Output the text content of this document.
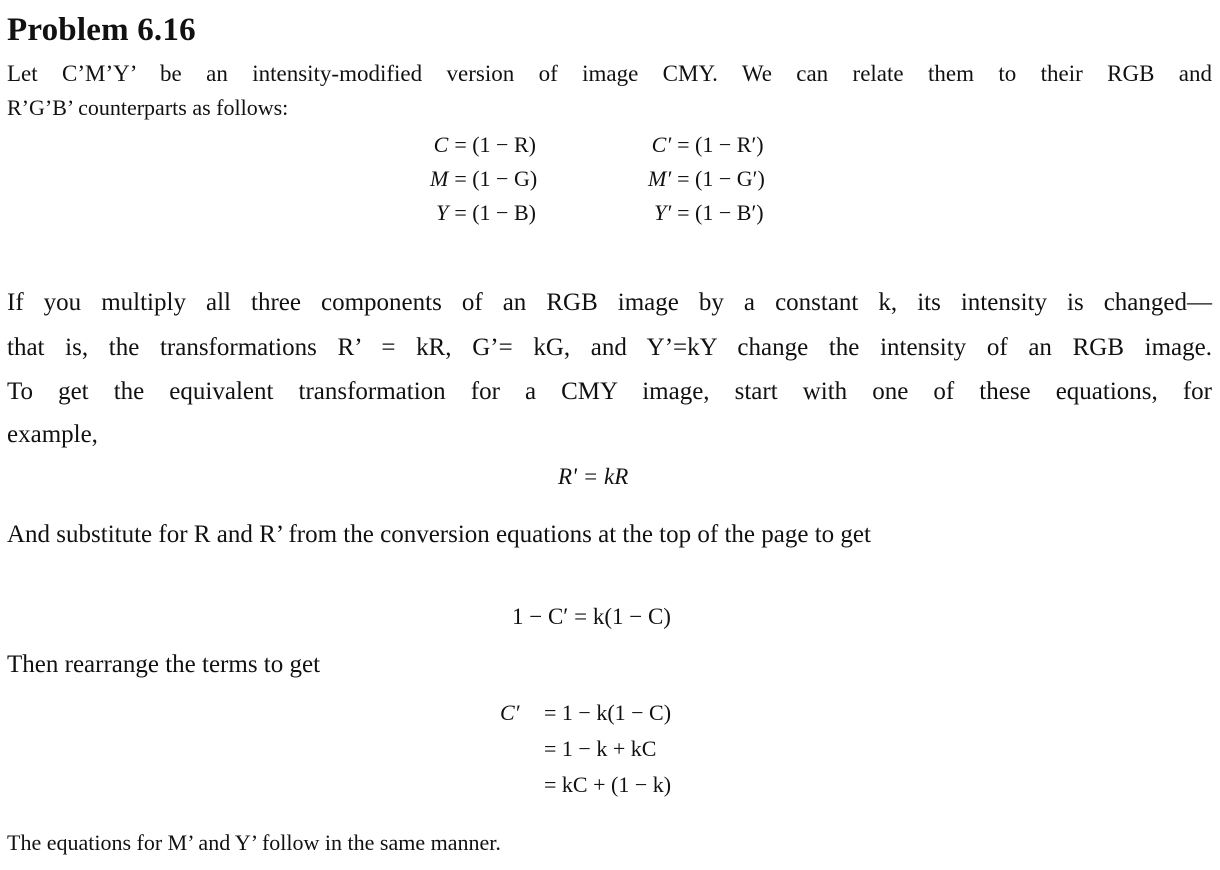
Problem 6.16
Let C’M’Y’ be an intensity-modified version of image CMY. We can relate them to their RGB and
R’G’B’ counterparts as follows:
C = (1 − R)
M = (1 − G)
Y = (1 − B)
C′ = (1 − R′)
M′ = (1 − G′)
Y′ = (1 − B′)
If you multiply all three components of an RGB image by a constant k, its intensity is changed—
that is, the transformations R’ = kR, G’= kG, and Y’=kY change the intensity of an RGB image.
To get the equivalent transformation for a CMY image, start with one of these equations, for
example,
R' = kR
And substitute for R and R’ from the conversion equations at the top of the page to get
1 − C′ = k(1 − C)
Then rearrange the terms to get
C′	= 1 − k(1 − C)
= 1 − k + kC
= kC + (1 − k)
The equations for M’ and Y’ follow in the same manner.
